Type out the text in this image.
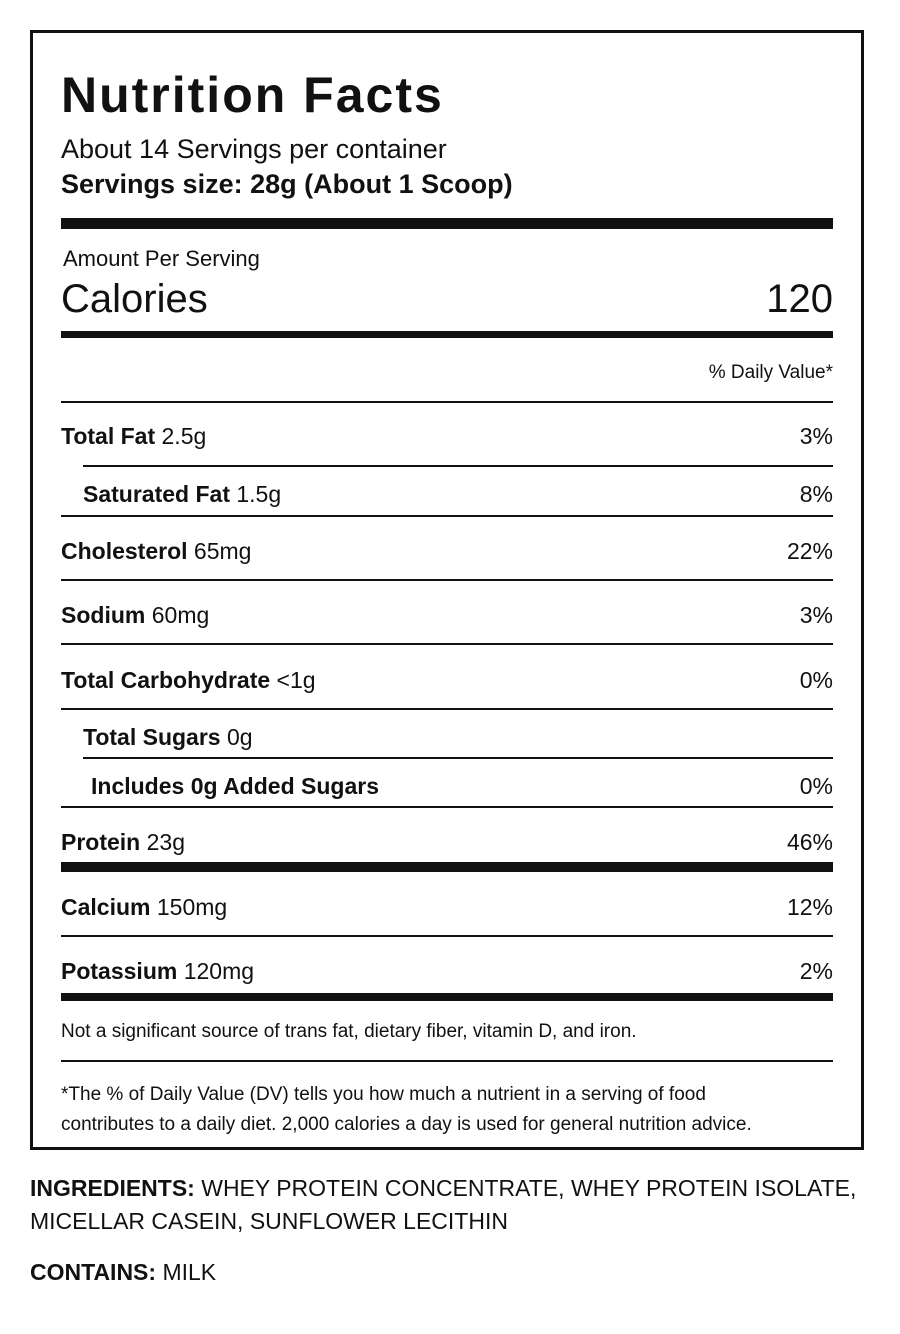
Nutrition Facts
About 14 Servings per container
Servings size: 28g (About 1 Scoop)
Amount Per Serving
Calories	120
% Daily Value*
Total Fat 2.5g	3%
Saturated Fat 1.5g	8%
Cholesterol 65mg	22%
Sodium 60mg	3%
Total Carbohydrate <1g	0%
Total Sugars 0g
Includes 0g Added Sugars	0%
Protein 23g	46%
Calcium 150mg	12%
Potassium 120mg	2%
Not a significant source of trans fat, dietary fiber, vitamin D, and iron.
*The % of Daily Value (DV) tells you how much a nutrient in a serving of food
contributes to a daily diet. 2,000 calories a day is used for general nutrition advice.
INGREDIENTS: WHEY PROTEIN CONCENTRATE, WHEY PROTEIN ISOLATE, MICELLAR CASEIN, SUNFLOWER LECITHIN
CONTAINS: MILK
